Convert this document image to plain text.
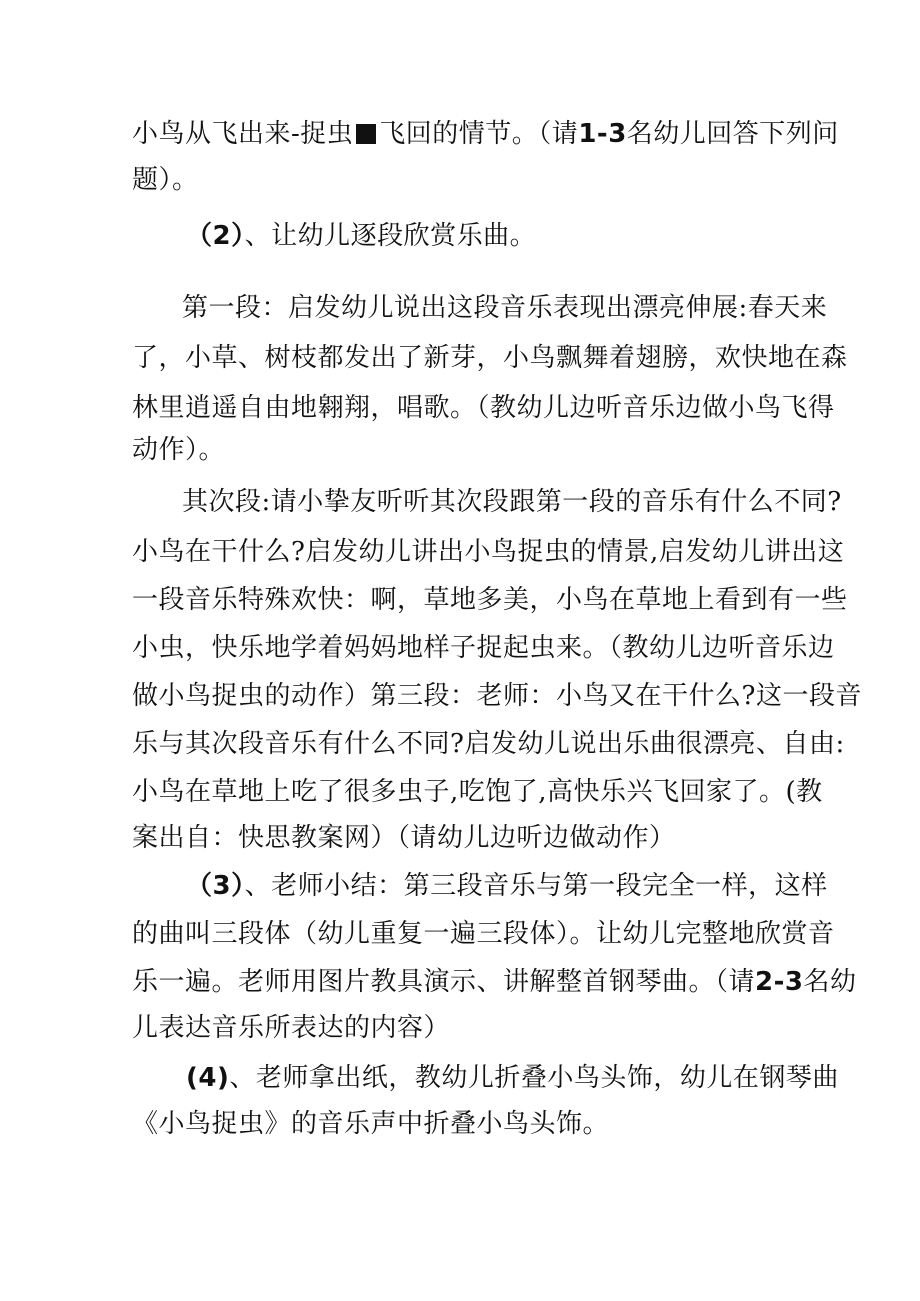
小鸟从飞出来-捉虫 飞回的情节。（请1-3名幼儿回答下列问
题）。
（2）、让幼儿逐段欣赏乐曲。
第一段：启发幼儿说出这段音乐表现出漂亮伸展:春天来
了，小草、树枝都发出了新芽，小鸟飘舞着翅膀，欢快地在森
林里逍遥自由地翱翔，唱歌。（教幼儿边听音乐边做小鸟飞得
动作）。
其次段:请小挚友听听其次段跟第一段的音乐有什么不同?
小鸟在干什么?启发幼儿讲出小鸟捉虫的情景,启发幼儿讲出这
一段音乐特殊欢快：啊，草地多美，小鸟在草地上看到有一些
小虫，快乐地学着妈妈地样子捉起虫来。（教幼儿边听音乐边
做小鸟捉虫的动作）第三段：老师：小鸟又在干什么?这一段音
乐与其次段音乐有什么不同?启发幼儿说出乐曲很漂亮、自由:
小鸟在草地上吃了很多虫子,吃饱了,高快乐兴飞回家了。(教
案出自：快思教案网）（请幼儿边听边做动作）
（3）、老师小结：第三段音乐与第一段完全一样，这样
的曲叫三段体（幼儿重复一遍三段体）。让幼儿完整地欣赏音
乐一遍。老师用图片教具演示、讲解整首钢琴曲。（请2-3名幼
儿表达音乐所表达的内容）
(4)、老师拿出纸，教幼儿折叠小鸟头饰，幼儿在钢琴曲
《小鸟捉虫》的音乐声中折叠小鸟头饰。
